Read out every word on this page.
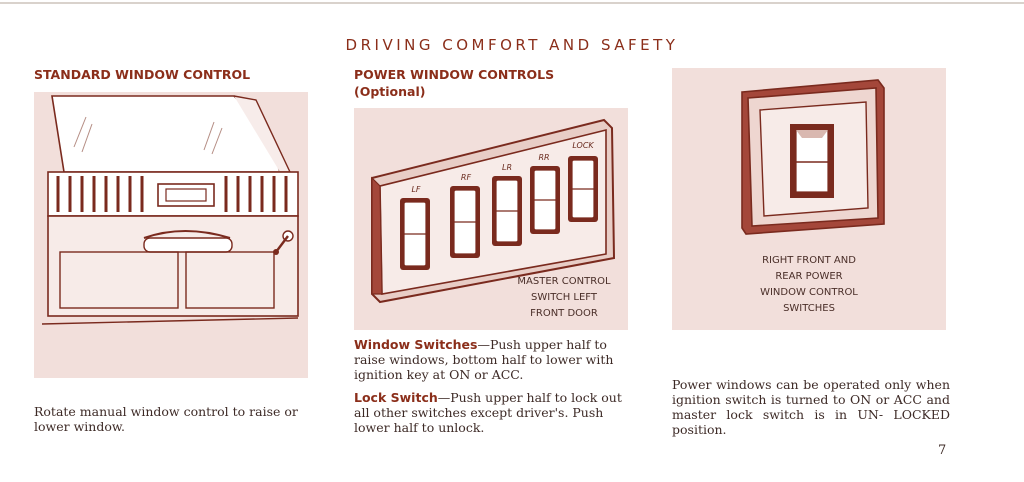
DRIVING COMFORT AND SAFETY
STANDARD WINDOW CONTROL
Rotate manual window control to raise or lower window.
POWER WINDOW CONTROLS
(Optional)
LF
RF
LR
RR
LOCK
MASTER CONTROL
SWITCH LEFT
FRONT DOOR
Window Switches—Push upper half to raise windows, bottom half to lower with ignition key at ON or ACC.
Lock Switch—Push upper half to lock out all other switches except driver's. Push lower half to unlock.
RIGHT FRONT AND
REAR POWER
WINDOW CONTROL
SWITCHES
Power windows can be operated only when ignition switch is turned to ON or ACC and master lock switch is in UN- LOCKED position.
7
